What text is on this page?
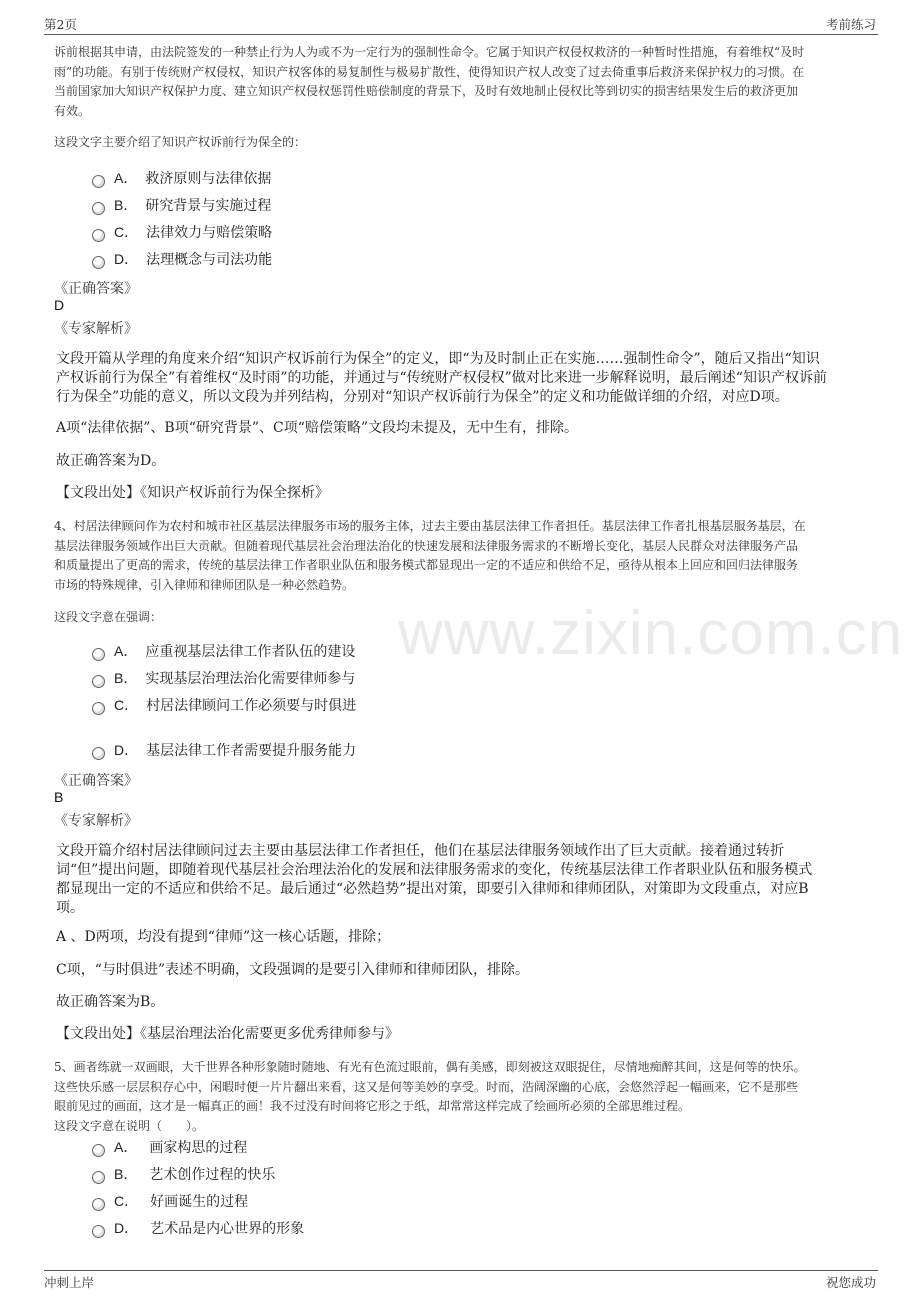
第2页	考前练习
www.zixin.com.cn
诉前根据其申请，由法院签发的一种禁止行为人为或不为一定行为的强制性命令。它属于知识产权侵权救济的一种暂时性措施，有着维权“及时
雨”的功能。有别于传统财产权侵权，知识产权客体的易复制性与极易扩散性，使得知识产权人改变了过去倚重事后救济来保护权力的习惯。在
当前国家加大知识产权保护力度、建立知识产权侵权惩罚性赔偿制度的背景下，及时有效地制止侵权比等到切实的损害结果发生后的救济更加
有效。
这段文字主要介绍了知识产权诉前行为保全的：
A． 救济原则与法律依据
B． 研究背景与实施过程
C． 法律效力与赔偿策略
D． 法理概念与司法功能
《正确答案》
D
《专家解析》
文段开篇从学理的角度来介绍“知识产权诉前行为保全”的定义，即“为及时制止正在实施……强制性命令”，随后又指出“知识
产权诉前行为保全”有着维权“及时雨”的功能，并通过与“传统财产权侵权”做对比来进一步解释说明，最后阐述“知识产权诉前
行为保全”功能的意义，所以文段为并列结构，分别对“知识产权诉前行为保全”的定义和功能做详细的介绍，对应D项。
A项“法律依据”、B项“研究背景”、C项“赔偿策略”文段均未提及，无中生有，排除。
故正确答案为D。
【文段出处】《知识产权诉前行为保全探析》
4、村居法律顾问作为农村和城市社区基层法律服务市场的服务主体，过去主要由基层法律工作者担任。基层法律工作者扎根基层服务基层，在
基层法律服务领域作出巨大贡献。但随着现代基层社会治理法治化的快速发展和法律服务需求的不断增长变化，基层人民群众对法律服务产品
和质量提出了更高的需求，传统的基层法律工作者职业队伍和服务模式都显现出一定的不适应和供给不足，亟待从根本上回应和回归法律服务
市场的特殊规律，引入律师和律师团队是一种必然趋势。
这段文字意在强调：
A． 应重视基层法律工作者队伍的建设
B． 实现基层治理法治化需要律师参与
C． 村居法律顾问工作必须要与时俱进
D． 基层法律工作者需要提升服务能力
《正确答案》
B
《专家解析》
文段开篇介绍村居法律顾问过去主要由基层法律工作者担任，他们在基层法律服务领域作出了巨大贡献。接着通过转折
词“但”提出问题，即随着现代基层社会治理法治化的发展和法律服务需求的变化，传统基层法律工作者职业队伍和服务模式
都显现出一定的不适应和供给不足。最后通过“必然趋势”提出对策，即要引入律师和律师团队，对策即为文段重点，对应B
项。
A 、D两项，均没有提到“律师”这一核心话题，排除；
C项，“与时俱进”表述不明确，文段强调的是要引入律师和律师团队，排除。
故正确答案为B。
【文段出处】《基层治理法治化需要更多优秀律师参与》
5、画者练就一双画眼，大千世界各种形象随时随地、有光有色流过眼前，偶有美感，即刻被这双眼捉住，尽情地痴醉其间，这是何等的快乐。
这些快乐感一层层积存心中，闲暇时便一片片翻出来看，这又是何等美妙的享受。时而，浩阔深幽的心底，会悠然浮起一幅画来，它不是那些
眼前见过的画面，这才是一幅真正的画！我不过没有时间将它形之于纸，却常常这样完成了绘画所必须的全部思维过程。
这段文字意在说明（　　）。
A． 画家构思的过程
B． 艺术创作过程的快乐
C． 好画诞生的过程
D． 艺术品是内心世界的形象
冲刺上岸	祝您成功
